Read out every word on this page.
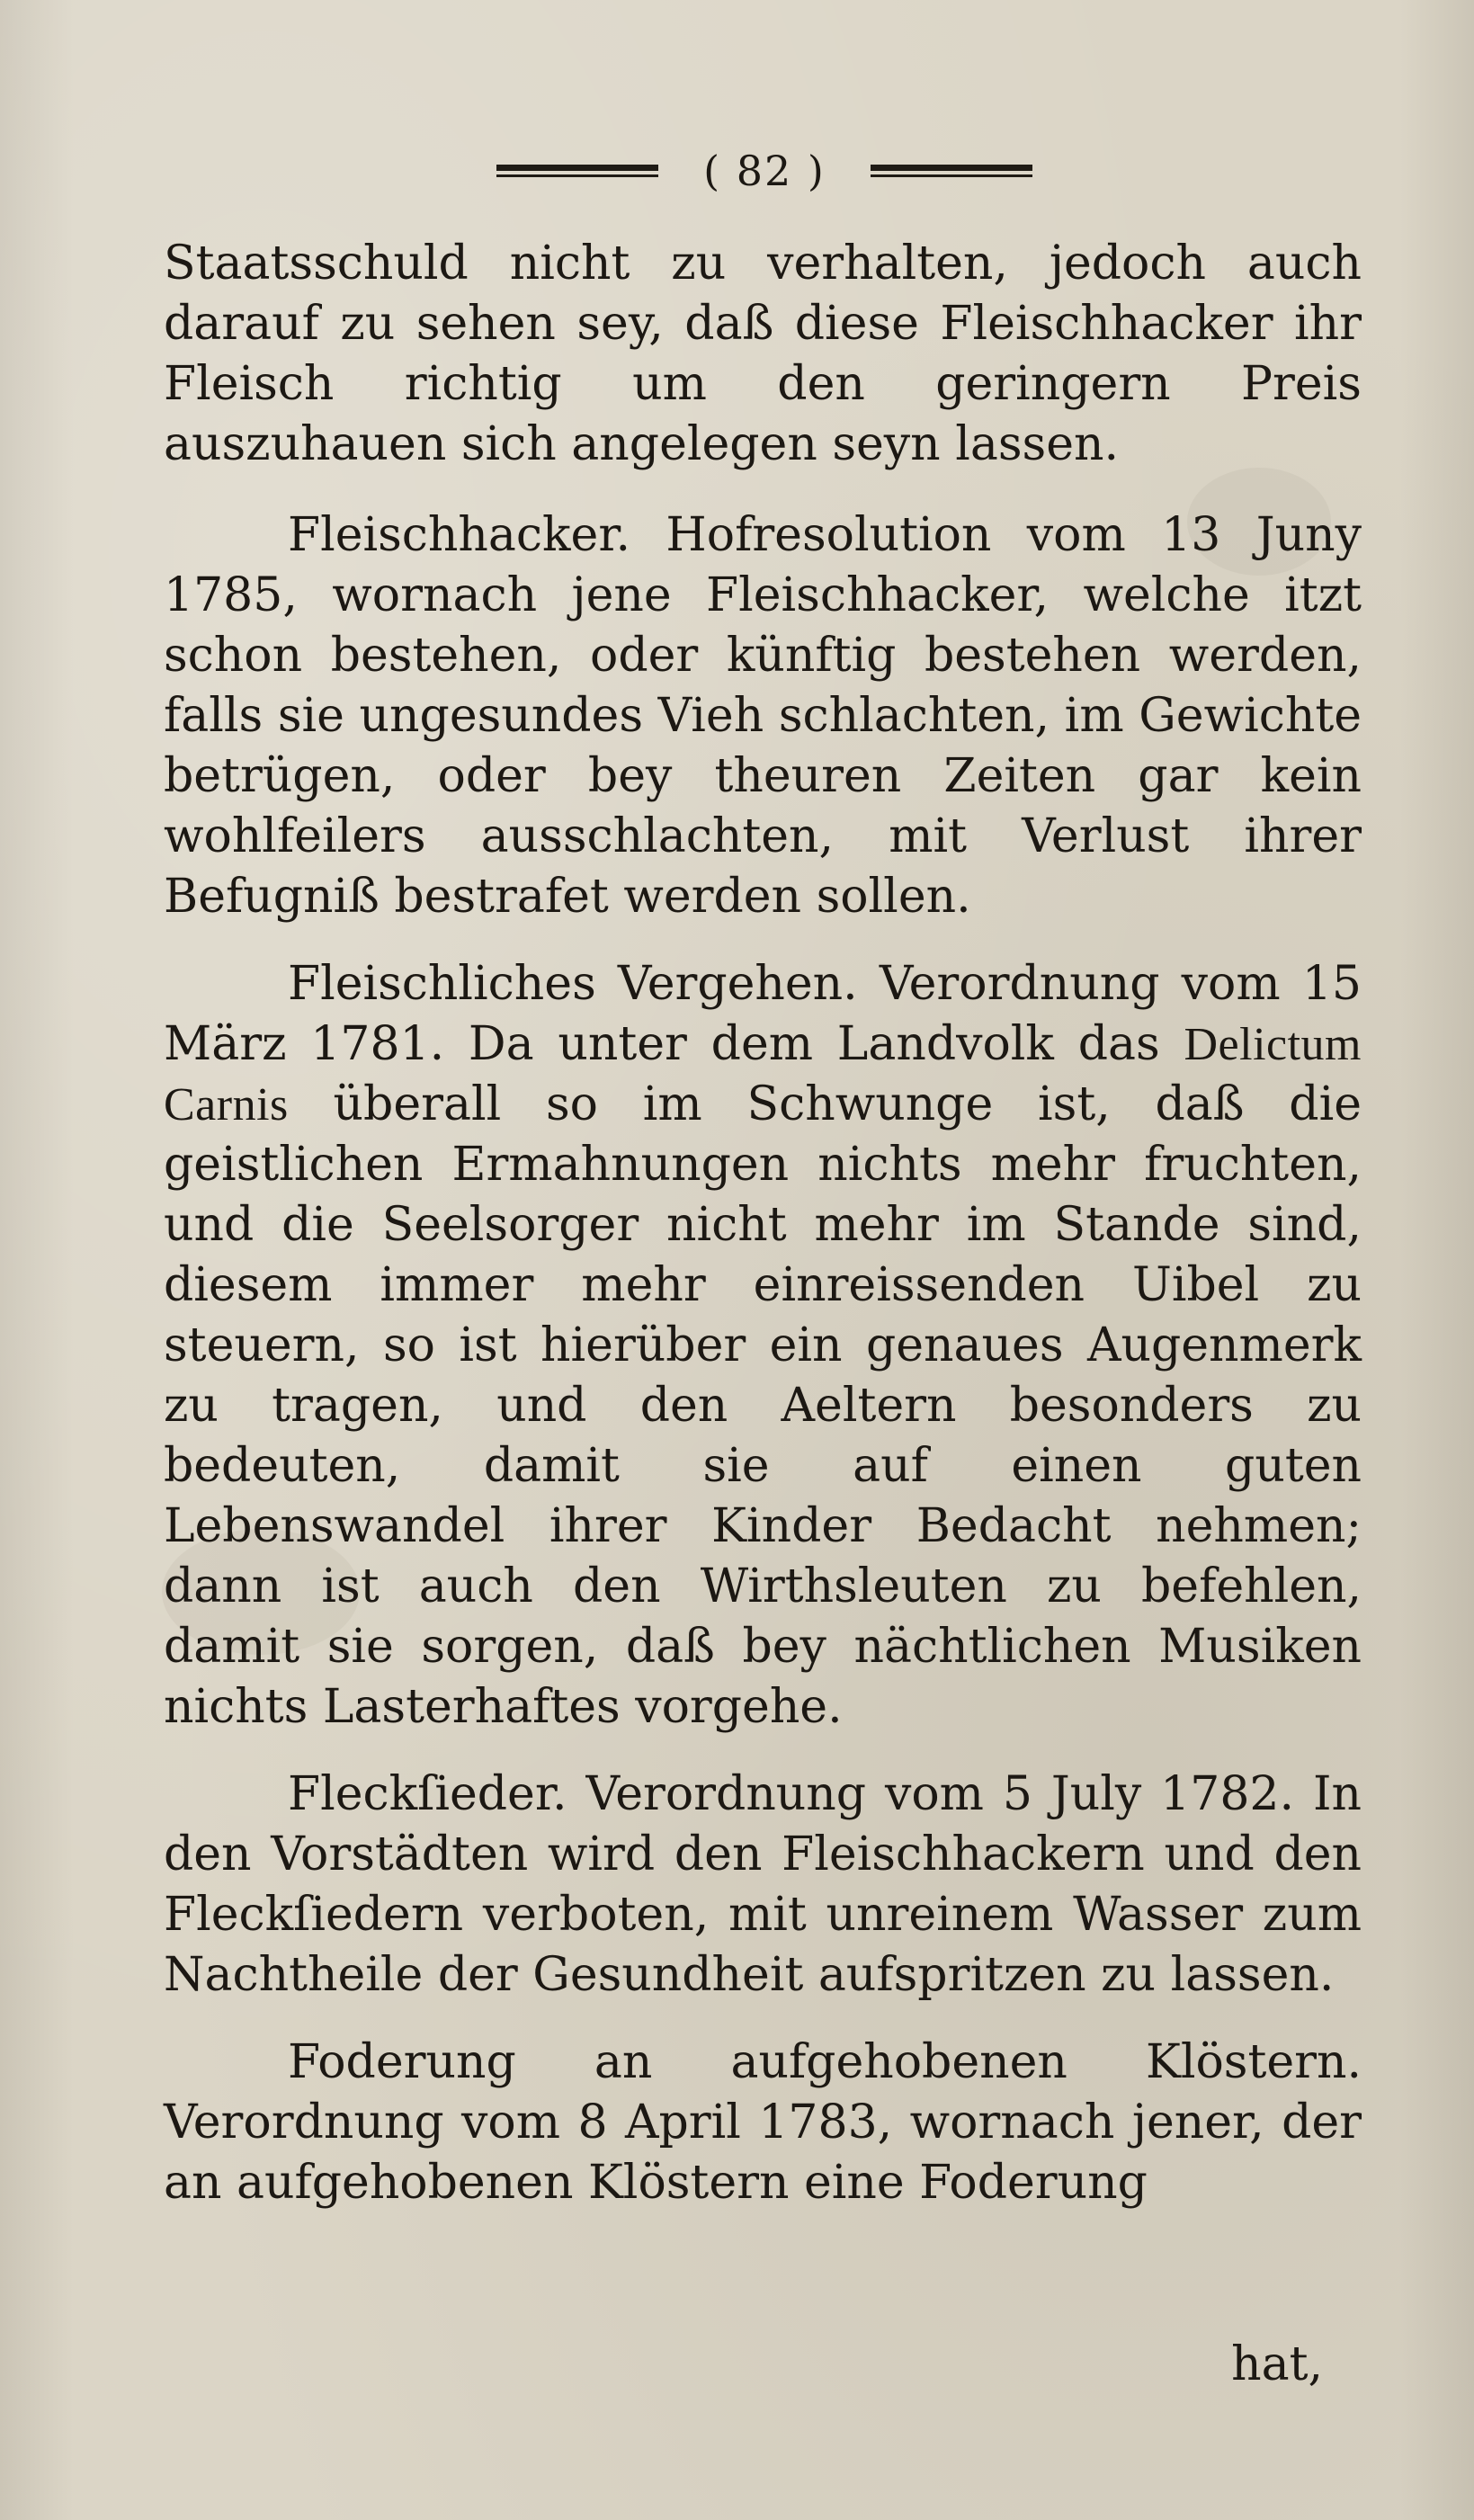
( 82 )

Staatsschuld nicht zu verhalten, jedoch auch darauf zu sehen sey, daß diese Fleischhacker ihr Fleisch richtig um den geringern Preis auszuhauen sich angelegen seyn lassen.

Fleischhacker. Hofresolution vom 13 Juny 1785, wornach jene Fleischhacker, welche itzt schon bestehen, oder künftig bestehen werden, falls sie ungesundes Vieh schlachten, im Gewichte betrügen, oder bey theuren Zeiten gar kein wohlfeilers ausschlachten, mit Verlust ihrer Befugniß bestrafet werden sollen.

Fleischliches Vergehen. Verordnung vom 15 März 1781. Da unter dem Landvolk das Delictum Carnis überall so im Schwunge ist, daß die geistlichen Ermahnungen nichts mehr fruchten, und die Seelsorger nicht mehr im Stande sind, diesem immer mehr einreissenden Uibel zu steuern, so ist hierüber ein genaues Augenmerk zu tragen, und den Aeltern besonders zu bedeuten, damit sie auf einen guten Lebenswandel ihrer Kinder Bedacht nehmen; dann ist auch den Wirthsleuten zu befehlen, damit sie sorgen, daß bey nächtlichen Musiken nichts Lasterhaftes vorgehe.

Fleckſieder. Verordnung vom 5 July 1782. In den Vorstädten wird den Fleischhackern und den Fleckſiedern verboten, mit unreinem Wasser zum Nachtheile der Gesundheit aufspritzen zu lassen.

Foderung an aufgehobenen Klöstern. Verordnung vom 8 April 1783, wornach jener, der an aufgehobenen Klöstern eine Foderung

hat,
